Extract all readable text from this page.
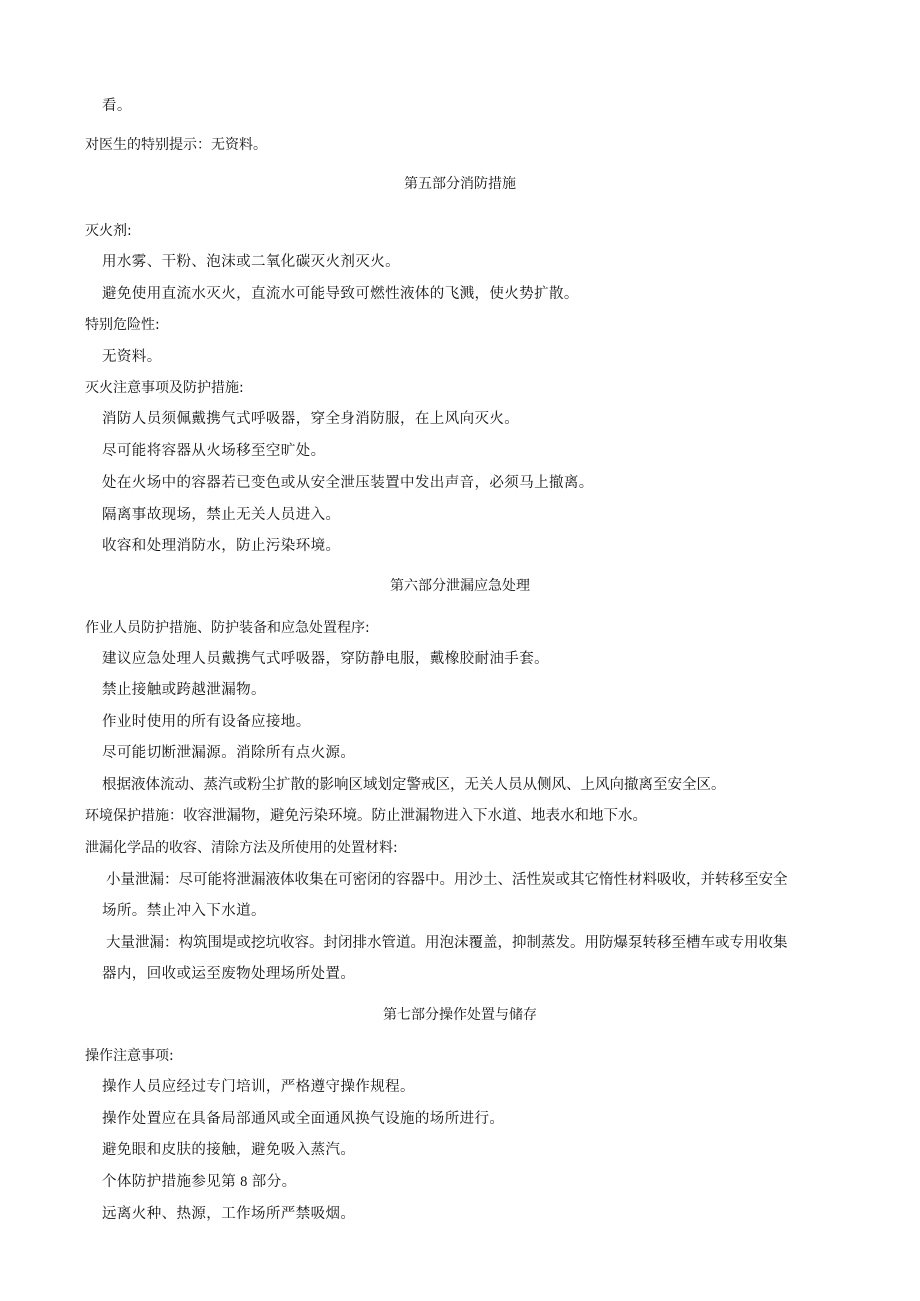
看。
对医生的特别提示：无资料。
第五部分消防措施
灭火剂:
用水雾、干粉、泡沫或二氧化碳灭火剂灭火。
避免使用直流水灭火，直流水可能导致可燃性液体的飞溅，使火势扩散。
特别危险性:
无资料。
灭火注意事项及防护措施:
消防人员须佩戴携气式呼吸器，穿全身消防服，在上风向灭火。
尽可能将容器从火场移至空旷处。
处在火场中的容器若已变色或从安全泄压装置中发出声音，必须马上撤离。
隔离事故现场，禁止无关人员进入。
收容和处理消防水，防止污染环境。
第六部分泄漏应急处理
作业人员防护措施、防护装备和应急处置程序:
建议应急处理人员戴携气式呼吸器，穿防静电服，戴橡胶耐油手套。
禁止接触或跨越泄漏物。
作业时使用的所有设备应接地。
尽可能切断泄漏源。消除所有点火源。
根据液体流动、蒸汽或粉尘扩散的影响区域划定警戒区，无关人员从侧风、上风向撤离至安全区。
环境保护措施：收容泄漏物，避免污染环境。防止泄漏物进入下水道、地表水和地下水。
泄漏化学品的收容、清除方法及所使用的处置材料:
小量泄漏：尽可能将泄漏液体收集在可密闭的容器中。用沙土、活性炭或其它惰性材料吸收，并转移至安全
场所。禁止冲入下水道。
大量泄漏：构筑围堤或挖坑收容。封闭排水管道。用泡沫覆盖，抑制蒸发。用防爆泵转移至槽车或专用收集
器内，回收或运至废物处理场所处置。
第七部分操作处置与储存
操作注意事项:
操作人员应经过专门培训，严格遵守操作规程。
操作处置应在具备局部通风或全面通风换气设施的场所进行。
避免眼和皮肤的接触，避免吸入蒸汽。
个体防护措施参见第 8 部分。
远离火种、热源，工作场所严禁吸烟。
